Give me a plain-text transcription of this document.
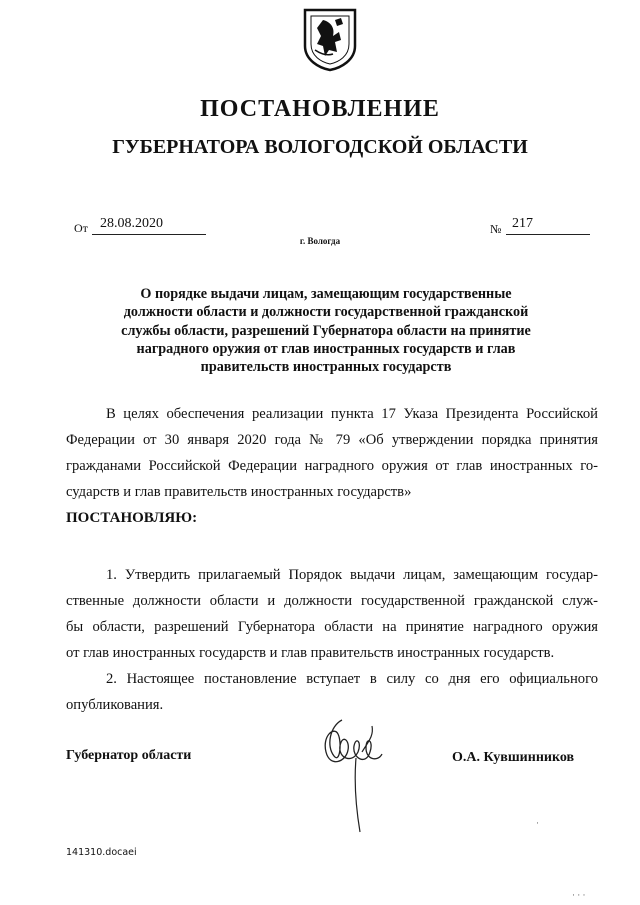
ПОСТАНОВЛЕНИЕ
ГУБЕРНАТОРА ВОЛОГОДСКОЙ ОБЛАСТИ
От 28.08.2020	№ 217
г. Вологда
О порядке выдачи лицам, замещающим государственные
должности области и должности государственной гражданской
службы области, разрешений Губернатора области на принятие
наградного оружия от глав иностранных государств и глав
правительств иностранных государств
В целях обеспечения реализации пункта 17 Указа Президента Российской
Федерации от 30 января 2020 года № 79 «Об утверждении порядка принятия
гражданами Российской Федерации наградного оружия от глав иностранных го-
сударств и глав правительств иностранных государств»
ПОСТАНОВЛЯЮ:
1. Утвердить прилагаемый Порядок выдачи лицам, замещающим государ-
ственные должности области и должности государственной гражданской служ-
бы области, разрешений Губернатора области на принятие наградного оружия
от глав иностранных государств и глав правительств иностранных государств.
2. Настоящее постановление вступает в силу со дня его официального
опубликования.
Губернатор области	О.А. Кувшинников
·
141310.docaei
· · ·
